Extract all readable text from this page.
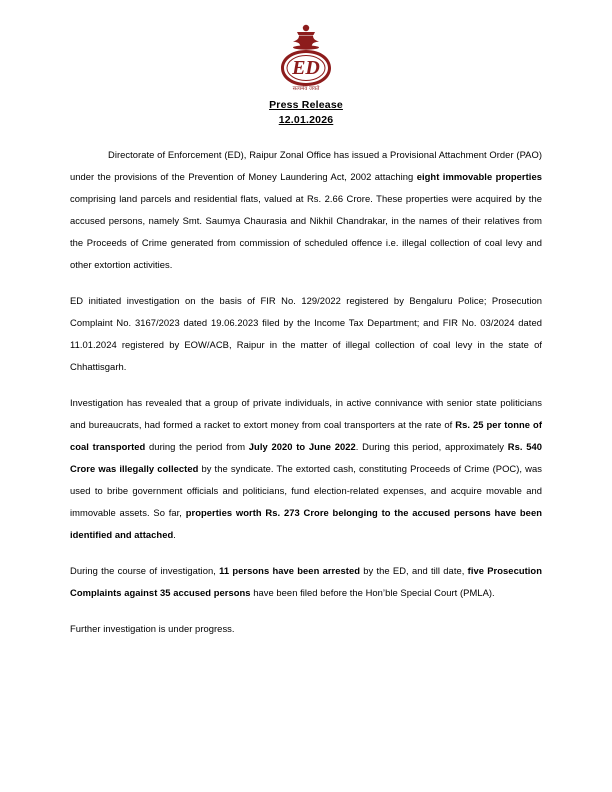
ED
सत्यमेव जयते
Press Release
12.01.2026

Directorate of Enforcement (ED), Raipur Zonal Office has issued a Provisional Attachment Order (PAO) under the provisions of the Prevention of Money Laundering Act, 2002 attaching eight immovable properties comprising land parcels and residential flats, valued at Rs. 2.66 Crore. These properties were acquired by the accused persons, namely Smt. Saumya Chaurasia and Nikhil Chandrakar, in the names of their relatives from the Proceeds of Crime generated from commission of scheduled offence i.e. illegal collection of coal levy and other extortion activities.

ED initiated investigation on the basis of FIR No. 129/2022 registered by Bengaluru Police; Prosecution Complaint No. 3167/2023 dated 19.06.2023 filed by the Income Tax Department; and FIR No. 03/2024 dated 11.01.2024 registered by EOW/ACB, Raipur in the matter of illegal collection of coal levy in the state of Chhattisgarh.

Investigation has revealed that a group of private individuals, in active connivance with senior state politicians and bureaucrats, had formed a racket to extort money from coal transporters at the rate of Rs. 25 per tonne of coal transported during the period from July 2020 to June 2022. During this period, approximately Rs. 540 Crore was illegally collected by the syndicate. The extorted cash, constituting Proceeds of Crime (POC), was used to bribe government officials and politicians, fund election-related expenses, and acquire movable and immovable assets. So far, properties worth Rs. 273 Crore belonging to the accused persons have been identified and attached.

During the course of investigation, 11 persons have been arrested by the ED, and till date, five Prosecution Complaints against 35 accused persons have been filed before the Hon’ble Special Court (PMLA).

Further investigation is under progress.
